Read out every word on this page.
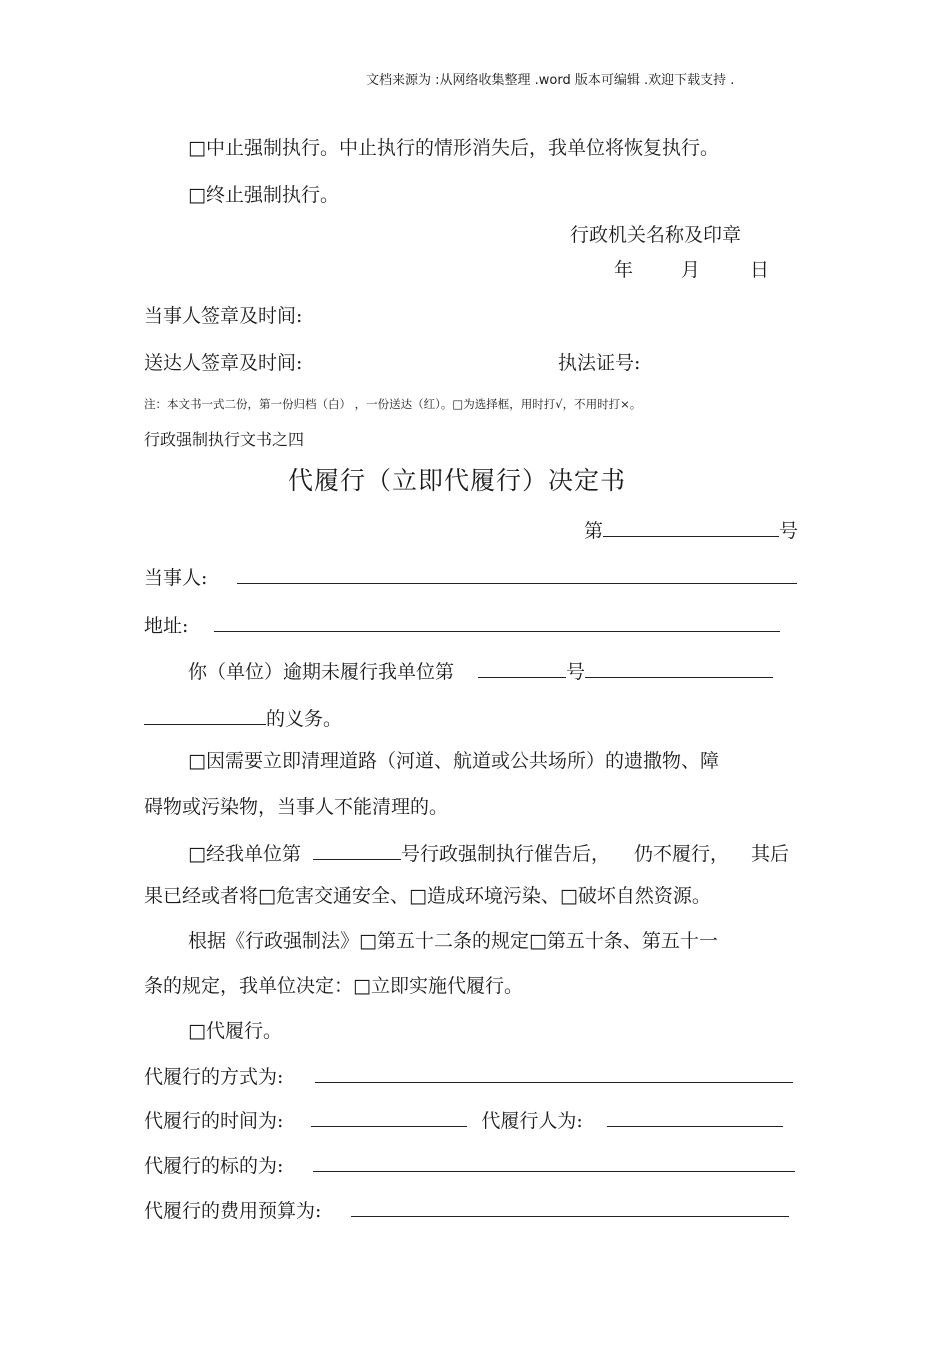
文档来源为 :从网络收集整理 .word 版本可编辑 .欢迎下载支持 .
□中止强制执行。中止执行的情形消失后，我单位将恢复执行。
□终止强制执行。
行政机关名称及印章
年	月	日
当事人签章及时间:
送达人签章及时间:	执法证号:
注：本文书一式二份，第一份归档（白） ，一份送达（红）。□为选择框，用时打√，不用时打×。
行政强制执行文书之四
代履行（立即代履行）决定书
第	号
当事人:
地址:
你（单位）逾期未履行我单位第	号
的义务。
□因需要立即清理道路（河道、航道或公共场所）的遗撒物、障
碍物或污染物，当事人不能清理的。
□经我单位第	号行政强制执行催告后， 仍不履行， 其后
果已经或者将□危害交通安全、□造成环境污染、□破坏自然资源。
根据《行政强制法》□第五十二条的规定□第五十条、第五十一
条的规定，我单位决定：□立即实施代履行。
□代履行。
代履行的方式为:
代履行的时间为:	代履行人为:
代履行的标的为:
代履行的费用预算为:
